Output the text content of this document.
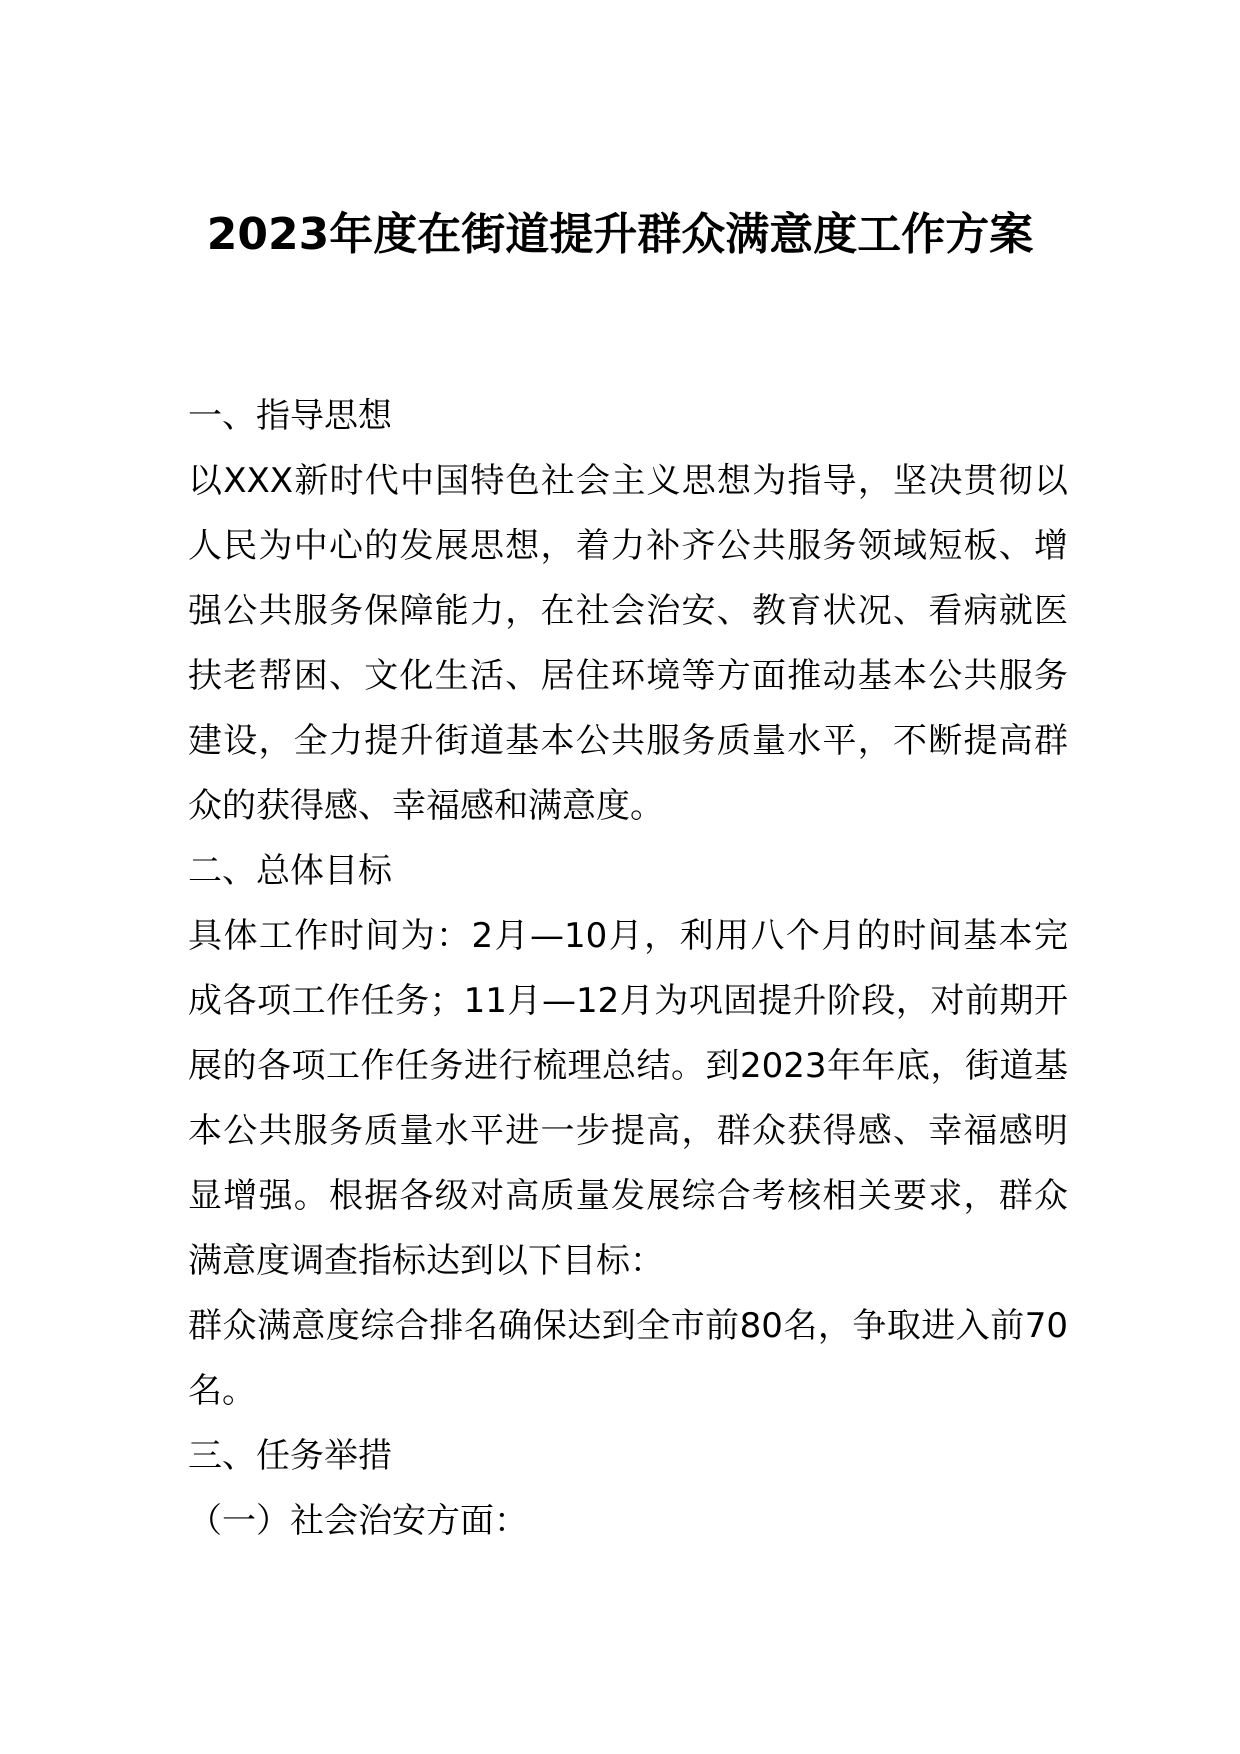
2023年度在街道提升群众满意度工作方案
一、指导思想
以XXX新时代中国特色社会主义思想为指导，坚决贯彻以
人民为中心的发展思想，着力补齐公共服务领域短板、增
强公共服务保障能力，在社会治安、教育状况、看病就医
扶老帮困、文化生活、居住环境等方面推动基本公共服务
建设，全力提升街道基本公共服务质量水平，不断提高群
众的获得感、幸福感和满意度。
二、总体目标
具体工作时间为：2月—10月，利用八个月的时间基本完
成各项工作任务；11月—12月为巩固提升阶段，对前期开
展的各项工作任务进行梳理总结。到2023年年底，街道基
本公共服务质量水平进一步提高，群众获得感、幸福感明
显增强。根据各级对高质量发展综合考核相关要求，群众
满意度调查指标达到以下目标：
群众满意度综合排名确保达到全市前80名，争取进入前70
名。
三、任务举措
（一）社会治安方面：
